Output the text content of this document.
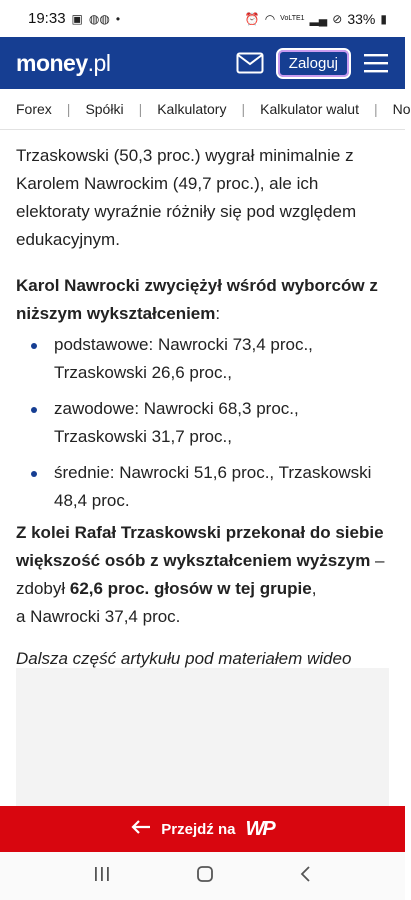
19:33 ▣ ◍◍ •	⏰ ◠ VoLTE1 ▂▄ ⊘ 33% ▮
money.pl	Zaloguj
Forex	|	Spółki	|	Kalkulatory	|	Kalkulator walut	|	No

Trzaskowski (50,3 proc.) wygrał minimalnie z Karolem Nawrockim (49,7 proc.), ale ich elektoraty wyraźnie różniły się pod względem edukacyjnym.

Karol Nawrocki zwyciężył wśród wyborców z niższym wykształceniem:

podstawowe: Nawrocki 73,4 proc., Trzaskowski 26,6 proc.,
zawodowe: Nawrocki 68,3 proc., Trzaskowski 31,7 proc.,
średnie: Nawrocki 51,6 proc., Trzaskowski 48,4 proc.

Z kolei Rafał Trzaskowski przekonał do siebie większość osób z wykształceniem wyższym –
zdobył 62,6 proc. głosów w tej grupie,
a Nawrocki 37,4 proc.

Dalsza część artykułu pod materiałem wideo

Przejdź na WP
